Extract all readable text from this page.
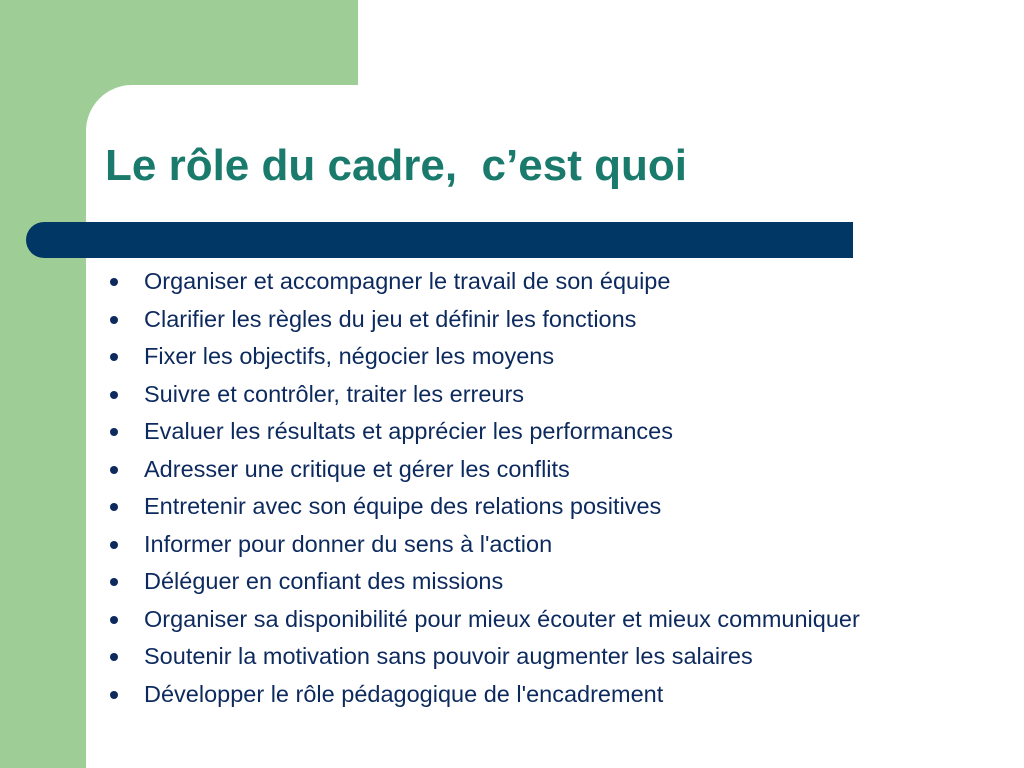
Le rôle du cadre,  c’est quoi
Organiser et accompagner le travail de son équipe
Clarifier les règles du jeu et définir les fonctions
Fixer les objectifs, négocier les moyens
Suivre et contrôler, traiter les erreurs
Evaluer les résultats et apprécier les performances
Adresser une critique et gérer les conflits
Entretenir avec son équipe des relations positives
Informer pour donner du sens à l'action
Déléguer en confiant des missions
Organiser sa disponibilité pour mieux écouter et mieux communiquer
Soutenir la motivation sans pouvoir augmenter les salaires
Développer le rôle pédagogique de l'encadrement
